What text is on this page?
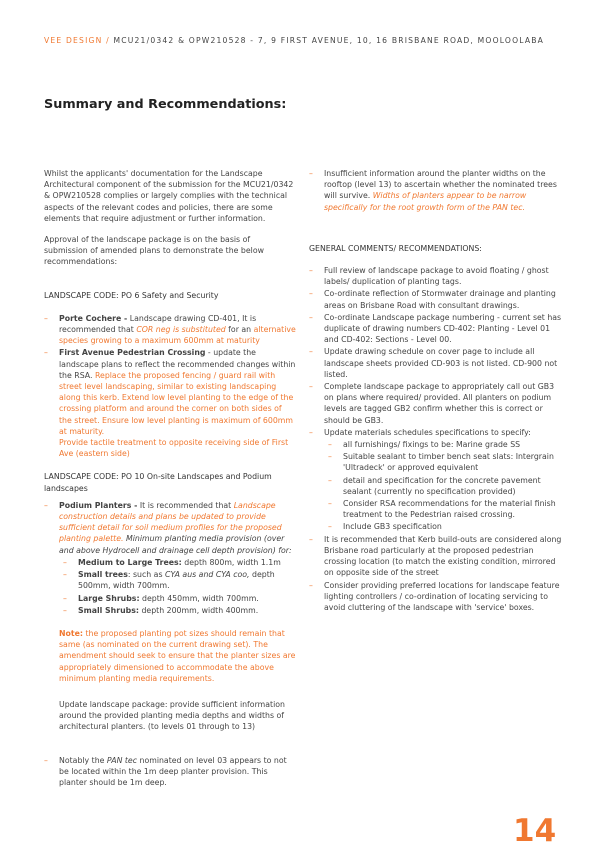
VEE DESIGN / MCU21/0342 & OPW210528 - 7, 9 FIRST AVENUE, 10, 16 BRISBANE ROAD, MOOLOOLABA
Summary and Recommendations:

Whilst the applicants' documentation for the Landscape Architectural component of the submission for the MCU21/0342 & OPW210528 complies or largely complies with the technical aspects of the relevant codes and policies, there are some elements that require adjustment or further information.

Approval of the landscape package is on the basis of submission of amended plans to demonstrate the below recommendations:

LANDSCAPE CODE: PO 6 Safety and Security

– Porte Cochere - Landscape drawing CD-401, It is recommended that COR neg is substituted for an alternative species growing to a maximum 600mm at maturity
– First Avenue Pedestrian Crossing - update the landscape plans to reflect the recommended changes within the RSA. Replace the proposed fencing / guard rail with street level landscaping, similar to existing landscaping along this kerb. Extend low level planting to the edge of the crossing platform and around the corner on both sides of the street. Ensure low level planting is maximum of 600mm at maturity.
Provide tactile treatment to opposite receiving side of First Ave (eastern side)

LANDSCAPE CODE: PO 10 On-site Landscapes and Podium landscapes

– Podium Planters - It is recommended that Landscape construction details and plans be updated to provide sufficient detail for soil medium profiles for the proposed planting palette. Minimum planting media provision (over and above Hydrocell and drainage cell depth provision) for:
– Medium to Large Trees: depth 800m, width 1.1m
– Small trees: such as CYA aus and CYA coo, depth 500mm, width 700mm.
– Large Shrubs: depth 450mm, width 700mm.
– Small Shrubs: depth 200mm, width 400mm.

Note: the proposed planting pot sizes should remain that same (as nominated on the current drawing set). The amendment should seek to ensure that the planter sizes are appropriately dimensioned to accommodate the above minimum planting media requirements.

Update landscape package: provide sufficient information around the provided planting media depths and widths of architectural planters. (to levels 01 through to 13)

– Notably the PAN tec nominated on level 03 appears to not be located within the 1m deep planter provision. This planter should be 1m deep.
– Insufficient information around the planter widths on the rooftop (level 13) to ascertain whether the nominated trees will survive. Widths of planters appear to be narrow specifically for the root growth form of the PAN tec.

GENERAL COMMENTS/ RECOMMENDATIONS:

– Full review of landscape package to avoid floating / ghost labels/ duplication of planting tags.
– Co-ordinate reflection of Stormwater drainage and planting areas on Brisbane Road with consultant drawings.
– Co-ordinate Landscape package numbering - current set has duplicate of drawing numbers CD-402: Planting - Level 01 and CD-402: Sections - Level 00.
– Update drawing schedule on cover page to include all landscape sheets provided CD-903 is not listed. CD-900 not listed.
– Complete landscape package to appropriately call out GB3 on plans where required/ provided. All planters on podium levels are tagged GB2 confirm whether this is correct or should be GB3.
– Update materials schedules specifications to specify:
– all furnishings/ fixings to be: Marine grade SS
– Suitable sealant to timber bench seat slats: Intergrain 'Ultradeck' or approved equivalent
– detail and specification for the concrete pavement sealant (currently no specification provided)
– Consider RSA recommendations for the material finish treatment to the Pedestrian raised crossing.
– Include GB3 specification
– It is recommended that Kerb build-outs are considered along Brisbane road particularly at the proposed pedestrian crossing location (to match the existing condition, mirrored on opposite side of the street
– Consider providing preferred locations for landscape feature lighting controllers / co-ordination of locating servicing to avoid cluttering of the landscape with 'service' boxes.
14
